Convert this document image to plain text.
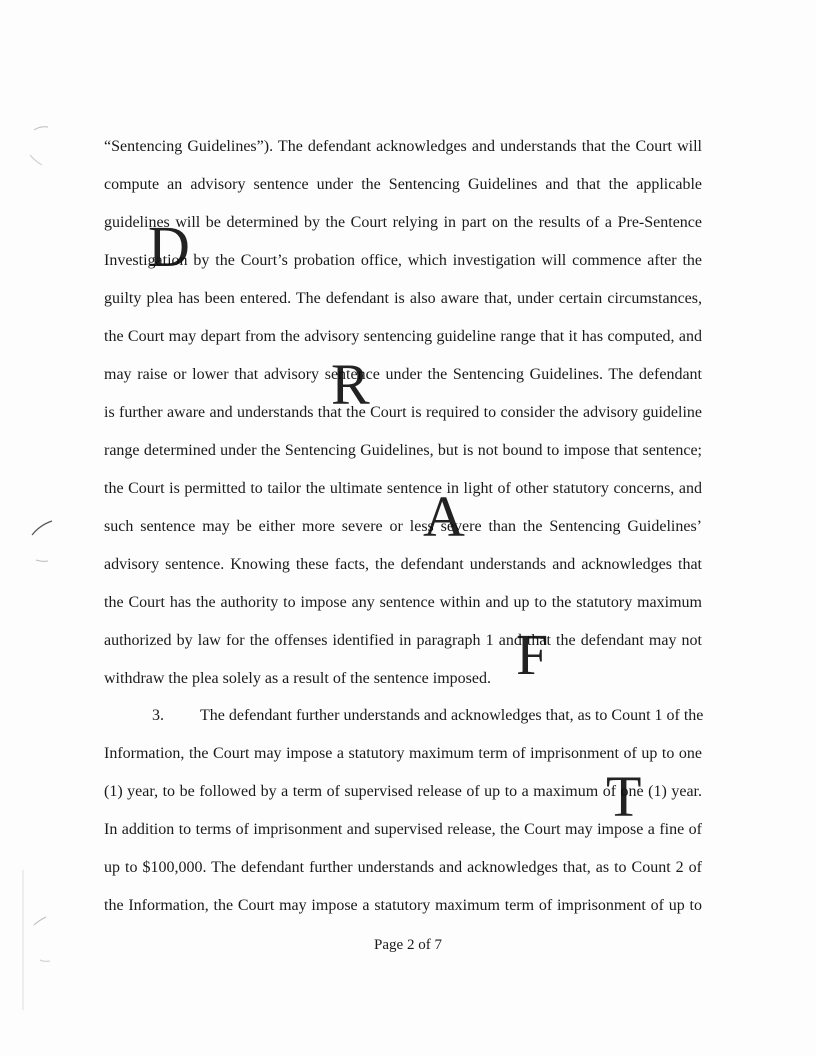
“Sentencing Guidelines”). The defendant acknowledges and understands that the Court will
compute an advisory sentence under the Sentencing Guidelines and that the applicable
guidelines will be determined by the Court relying in part on the results of a Pre-Sentence
Investigation by the Court’s probation office, which investigation will commence after the
guilty plea has been entered. The defendant is also aware that, under certain circumstances,
the Court may depart from the advisory sentencing guideline range that it has computed, and
may raise or lower that advisory sentence under the Sentencing Guidelines. The defendant
is further aware and understands that the Court is required to consider the advisory guideline
range determined under the Sentencing Guidelines, but is not bound to impose that sentence;
the Court is permitted to tailor the ultimate sentence in light of other statutory concerns, and
such sentence may be either more severe or less severe than the Sentencing Guidelines’
advisory sentence. Knowing these facts, the defendant understands and acknowledges that
the Court has the authority to impose any sentence within and up to the statutory maximum
authorized by law for the offenses identified in paragraph 1 and that the defendant may not
withdraw the plea solely as a result of the sentence imposed.
3. The defendant further understands and acknowledges that, as to Count 1 of the
Information, the Court may impose a statutory maximum term of imprisonment of up to one
(1) year, to be followed by a term of supervised release of up to a maximum of one (1) year.
In addition to terms of imprisonment and supervised release, the Court may impose a fine of
up to $100,000. The defendant further understands and acknowledges that, as to Count 2 of
the Information, the Court may impose a statutory maximum term of imprisonment of up to
D
R
A
F
T
Page 2 of 7
